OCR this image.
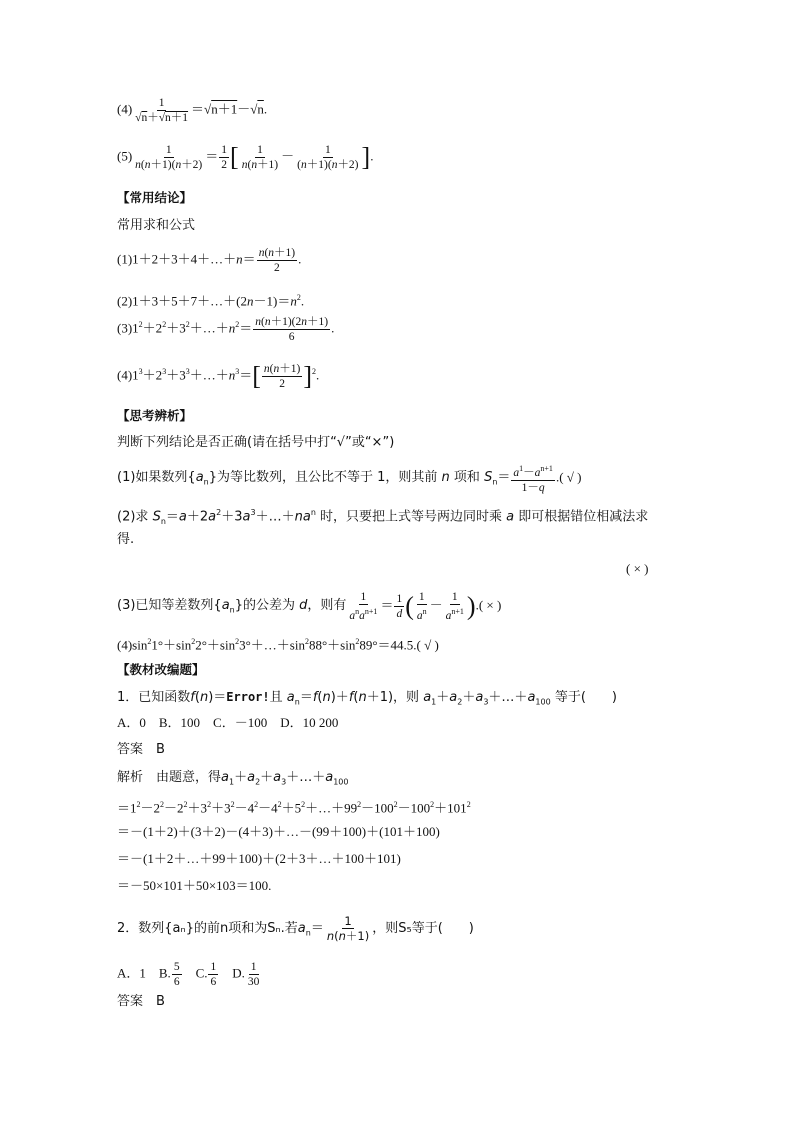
$(4) \frac{1}{√n+√n+1} =√n+1-√n$.
$(5) \frac{1}{n(n+1)(n+2)} = \frac{1}{2}$ [ $\frac{1}{n(n+1)} - \frac{1}{(n+1)(n+2)}$ ].
【常用结论】
常用求和公式
(1)1＋2＋3＋4＋…＋n＝ $\frac{n(n+1)}{2}$ .
$(2)1+3+5+7+\dots+(2n-1)=n^2$.
$(3)1^2+2^2+3^2+\dots+n^2= \frac{n(n+1)(2n+1)}{6}$ .
$(4)1^3+2^3+3^3+\dots+n^3=[ \frac{n(n+1)}{2} ]^2$.
【思考辨析】
判断下列结论是否正确(请在括号中打“√”或“×”)
(1)如果数列$\{a_n\}$为等比数列，且公比不等于 1，则其前 n 项和 $S_n= \frac{a^1-a^{n+1}}{1-q}$ .( √ )
(2)求 $S_n=a+2a^2+3a^3+\dots+na^n$ 时，只要把上式等号两边同时乘 a 即可根据错位相减法求
得.
( × )
(3)已知等差数列$\{a_n\}$的公差为 d，则有 $\frac{1}{a^na^{n+1}} = \frac{1}{d}$ ( $\frac{1}{a^n} - \frac{1}{a^{n+1}}$ ).( × )
$(4)\sin^21^\circ+\sin^22^\circ+\sin^23^\circ+\dots+\sin^288^\circ+\sin^289^\circ=44.5$.( √ )
【教材改编题】
1．已知函数f(n)＝Error!且 $a_n=f(n)+f(n+1)$，则 $a_1+a_2+a_3+\dots+a_{100}$ 等于(　　)
A．0　B．100　C．－100　D．10 200
答案　B
解析　由题意，得$a_1+a_2+a_3+\dots+a_{100}$
$=1^2-2^2-2^2+3^2+3^2-4^2-4^2+5^2+\dots+99^2-100^2-100^2+101^2$
＝－(1＋2)＋(3＋2)－(4＋3)＋…－(99＋100)＋(101＋100)
＝－(1＋2＋…＋99＋100)＋(2＋3＋…＋100＋101)
＝－50×101＋50×103＝100.
2．数列{aₙ}的前n项和为Sₙ.若$a_n= \frac{1}{n(n+1)}$ ，则S₅等于(　　)
A．1　B. $\frac{5}{6}$ 　C. $\frac{1}{6}$ 　D. $\frac{1}{30}$
答案　B
